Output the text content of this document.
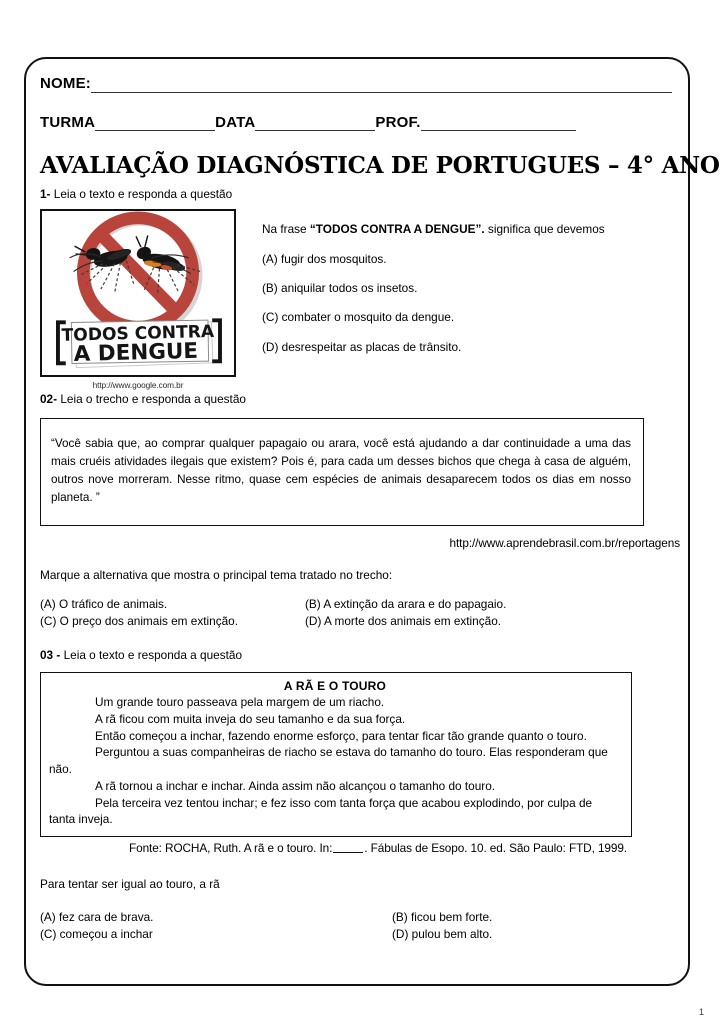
NOME:
TURMA	DATA	PROF.
AVALIAÇÃO DIAGNÓSTICA DE PORTUGUES – 4° ANO
1- Leia o texto e responda a questão
TODOS CONTRA
A DENGUE
http://www.google.com.br

Na frase “TODOS CONTRA A DENGUE”. significa que devemos

(A) fugir dos mosquitos.
(B) aniquilar todos os insetos.
(C) combater o mosquito da dengue.
(D) desrespeitar as placas de trânsito.
02- Leia o trecho e responda a questão

“Você sabia que, ao comprar qualquer papagaio ou arara, você está ajudando a dar continuidade a uma das mais cruéis atividades ilegais que existem? Pois é, para cada um desses bichos que chega à casa de alguém, outros nove morreram. Nesse ritmo, quase cem espécies de animais desaparecem todos os dias em nosso planeta. ”

http://www.aprendebrasil.com.br/reportagens
Marque a alternativa que mostra o principal tema tratado no trecho:
(A) O tráfico de animais.	(B) A extinção da arara e do papagaio.
(C) O preço dos animais em extinção.	(D) A morte dos animais em extinção.
03 - Leia o texto e responda a questão
A RÃ E O TOURO

Um grande touro passeava pela margem de um riacho.

A rã ficou com muita inveja do seu tamanho e da sua força.

Então começou a inchar, fazendo enorme esforço, para tentar ficar tão grande quanto o touro.

Perguntou a suas companheiras de riacho se estava do tamanho do touro. Elas responderam que não.

A rã tornou a inchar e inchar. Ainda assim não alcançou o tamanho do touro.

Pela terceira vez tentou inchar; e fez isso com tanta força que acabou explodindo, por culpa de tanta inveja.

Fonte: ROCHA, Ruth. A rã e o touro. In:	. Fábulas de Esopo. 10. ed. São Paulo: FTD, 1999.
Para tentar ser igual ao touro, a rã
(A) fez cara de brava.	(B) ficou bem forte.
(C) começou a inchar	(D) pulou bem alto.
1
